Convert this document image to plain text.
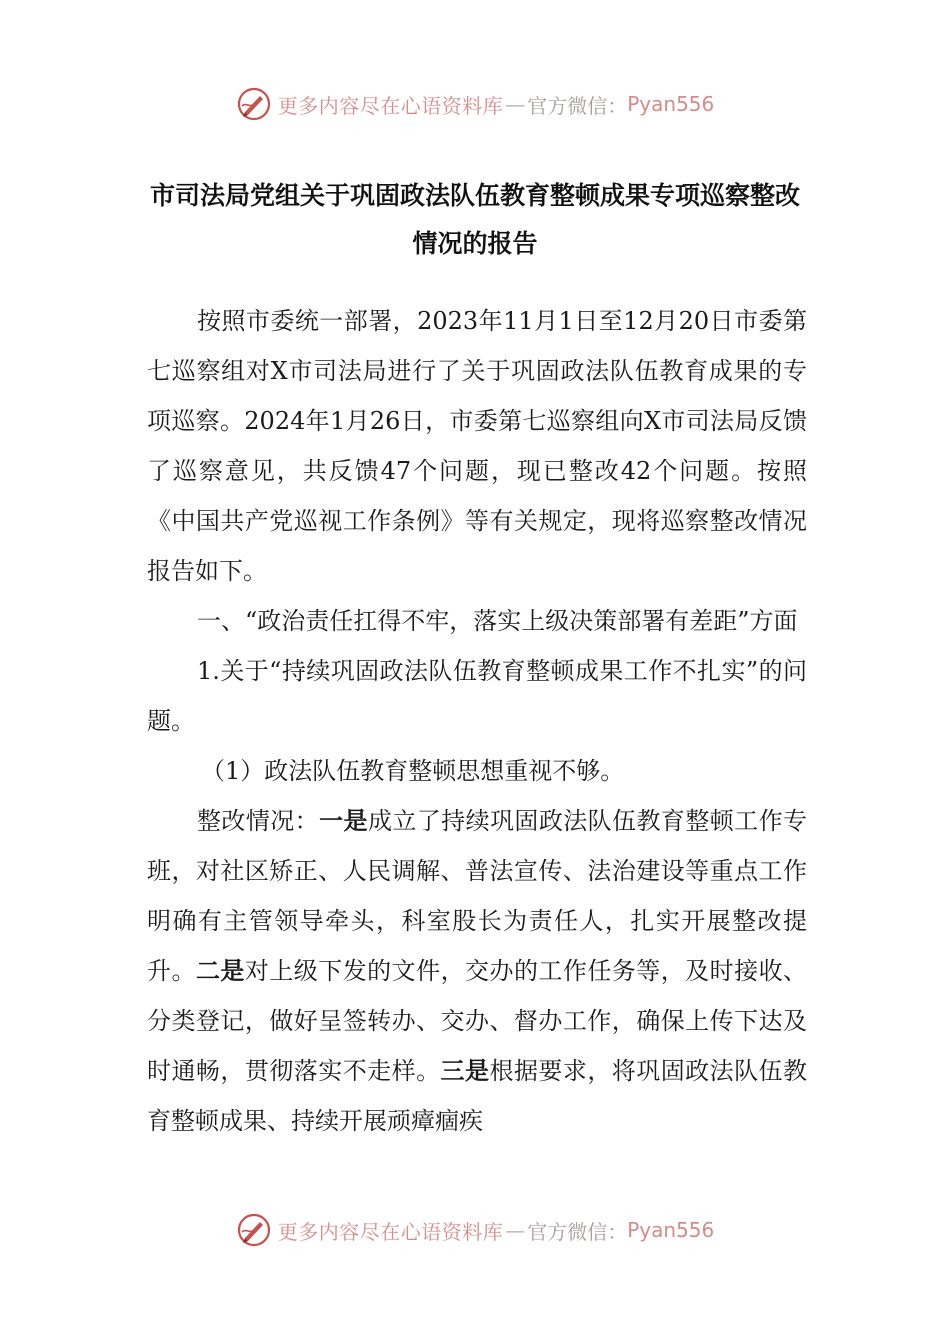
更多内容尽在心语资料库 — 官方微信： Pyan556
市司法局党组关于巩固政法队伍教育整顿成果专项巡察整改情况的报告

按照市委统一部署，2023年11月1日至12月20日市委第七巡察组对X市司法局进行了关于巩固政法队伍教育成果的专项巡察。2024年1月26日，市委第七巡察组向X市司法局反馈了巡察意见，共反馈47个问题，现已整改42个问题。按照《中国共产党巡视工作条例》等有关规定，现将巡察整改情况报告如下。

一、“政治责任扛得不牢，落实上级决策部署有差距”方面

1.关于“持续巩固政法队伍教育整顿成果工作不扎实”的问题。

（1）政法队伍教育整顿思想重视不够。

整改情况：一是成立了持续巩固政法队伍教育整顿工作专班，对社区矫正、人民调解、普法宣传、法治建设等重点工作明确有主管领导牵头，科室股长为责任人，扎实开展整改提升。二是对上级下发的文件，交办的工作任务等，及时接收、分类登记，做好呈签转办、交办、督办工作，确保上传下达及时通畅，贯彻落实不走样。三是根据要求，将巩固政法队伍教育整顿成果、持续开展顽瘴痼疾

更多内容尽在心语资料库 — 官方微信： Pyan556
